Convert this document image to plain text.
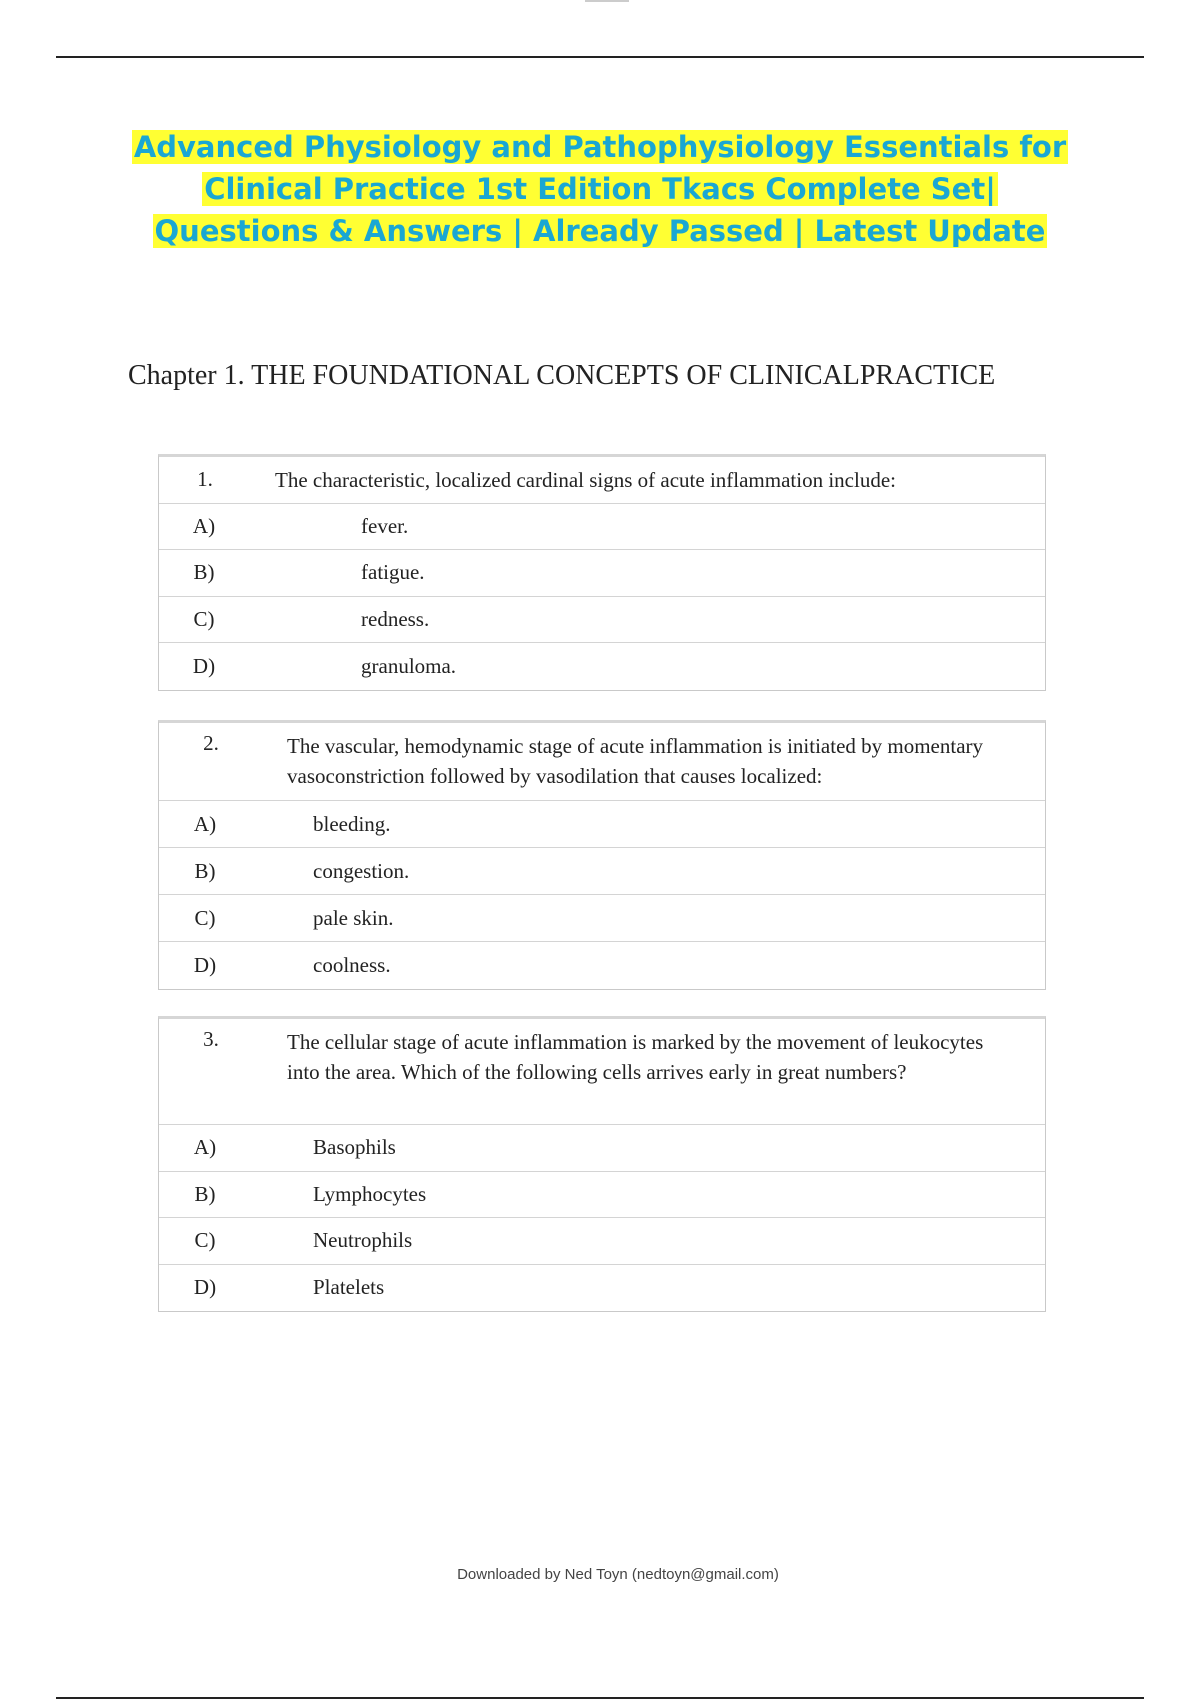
Advanced Physiology and Pathophysiology Essentials for
Clinical Practice 1st Edition Tkacs Complete Set|
Questions & Answers | Already Passed | Latest Update
Chapter 1. THE FOUNDATIONAL CONCEPTS OF CLINICALPRACTICE
1.	The characteristic, localized cardinal signs of acute inflammation include:
A)	fever.
B)	fatigue.
C)	redness.
D)	granuloma.
2.	The vascular, hemodynamic stage of acute inflammation is initiated by momentary vasoconstriction followed by vasodilation that causes localized:
A)	bleeding.
B)	congestion.
C)	pale skin.
D)	coolness.
3.	The cellular stage of acute inflammation is marked by the movement of leukocytes into the area. Which of the following cells arrives early in great numbers?
A)	Basophils
B)	Lymphocytes
C)	Neutrophils
D)	Platelets
Downloaded by Ned Toyn (nedtoyn@gmail.com)
